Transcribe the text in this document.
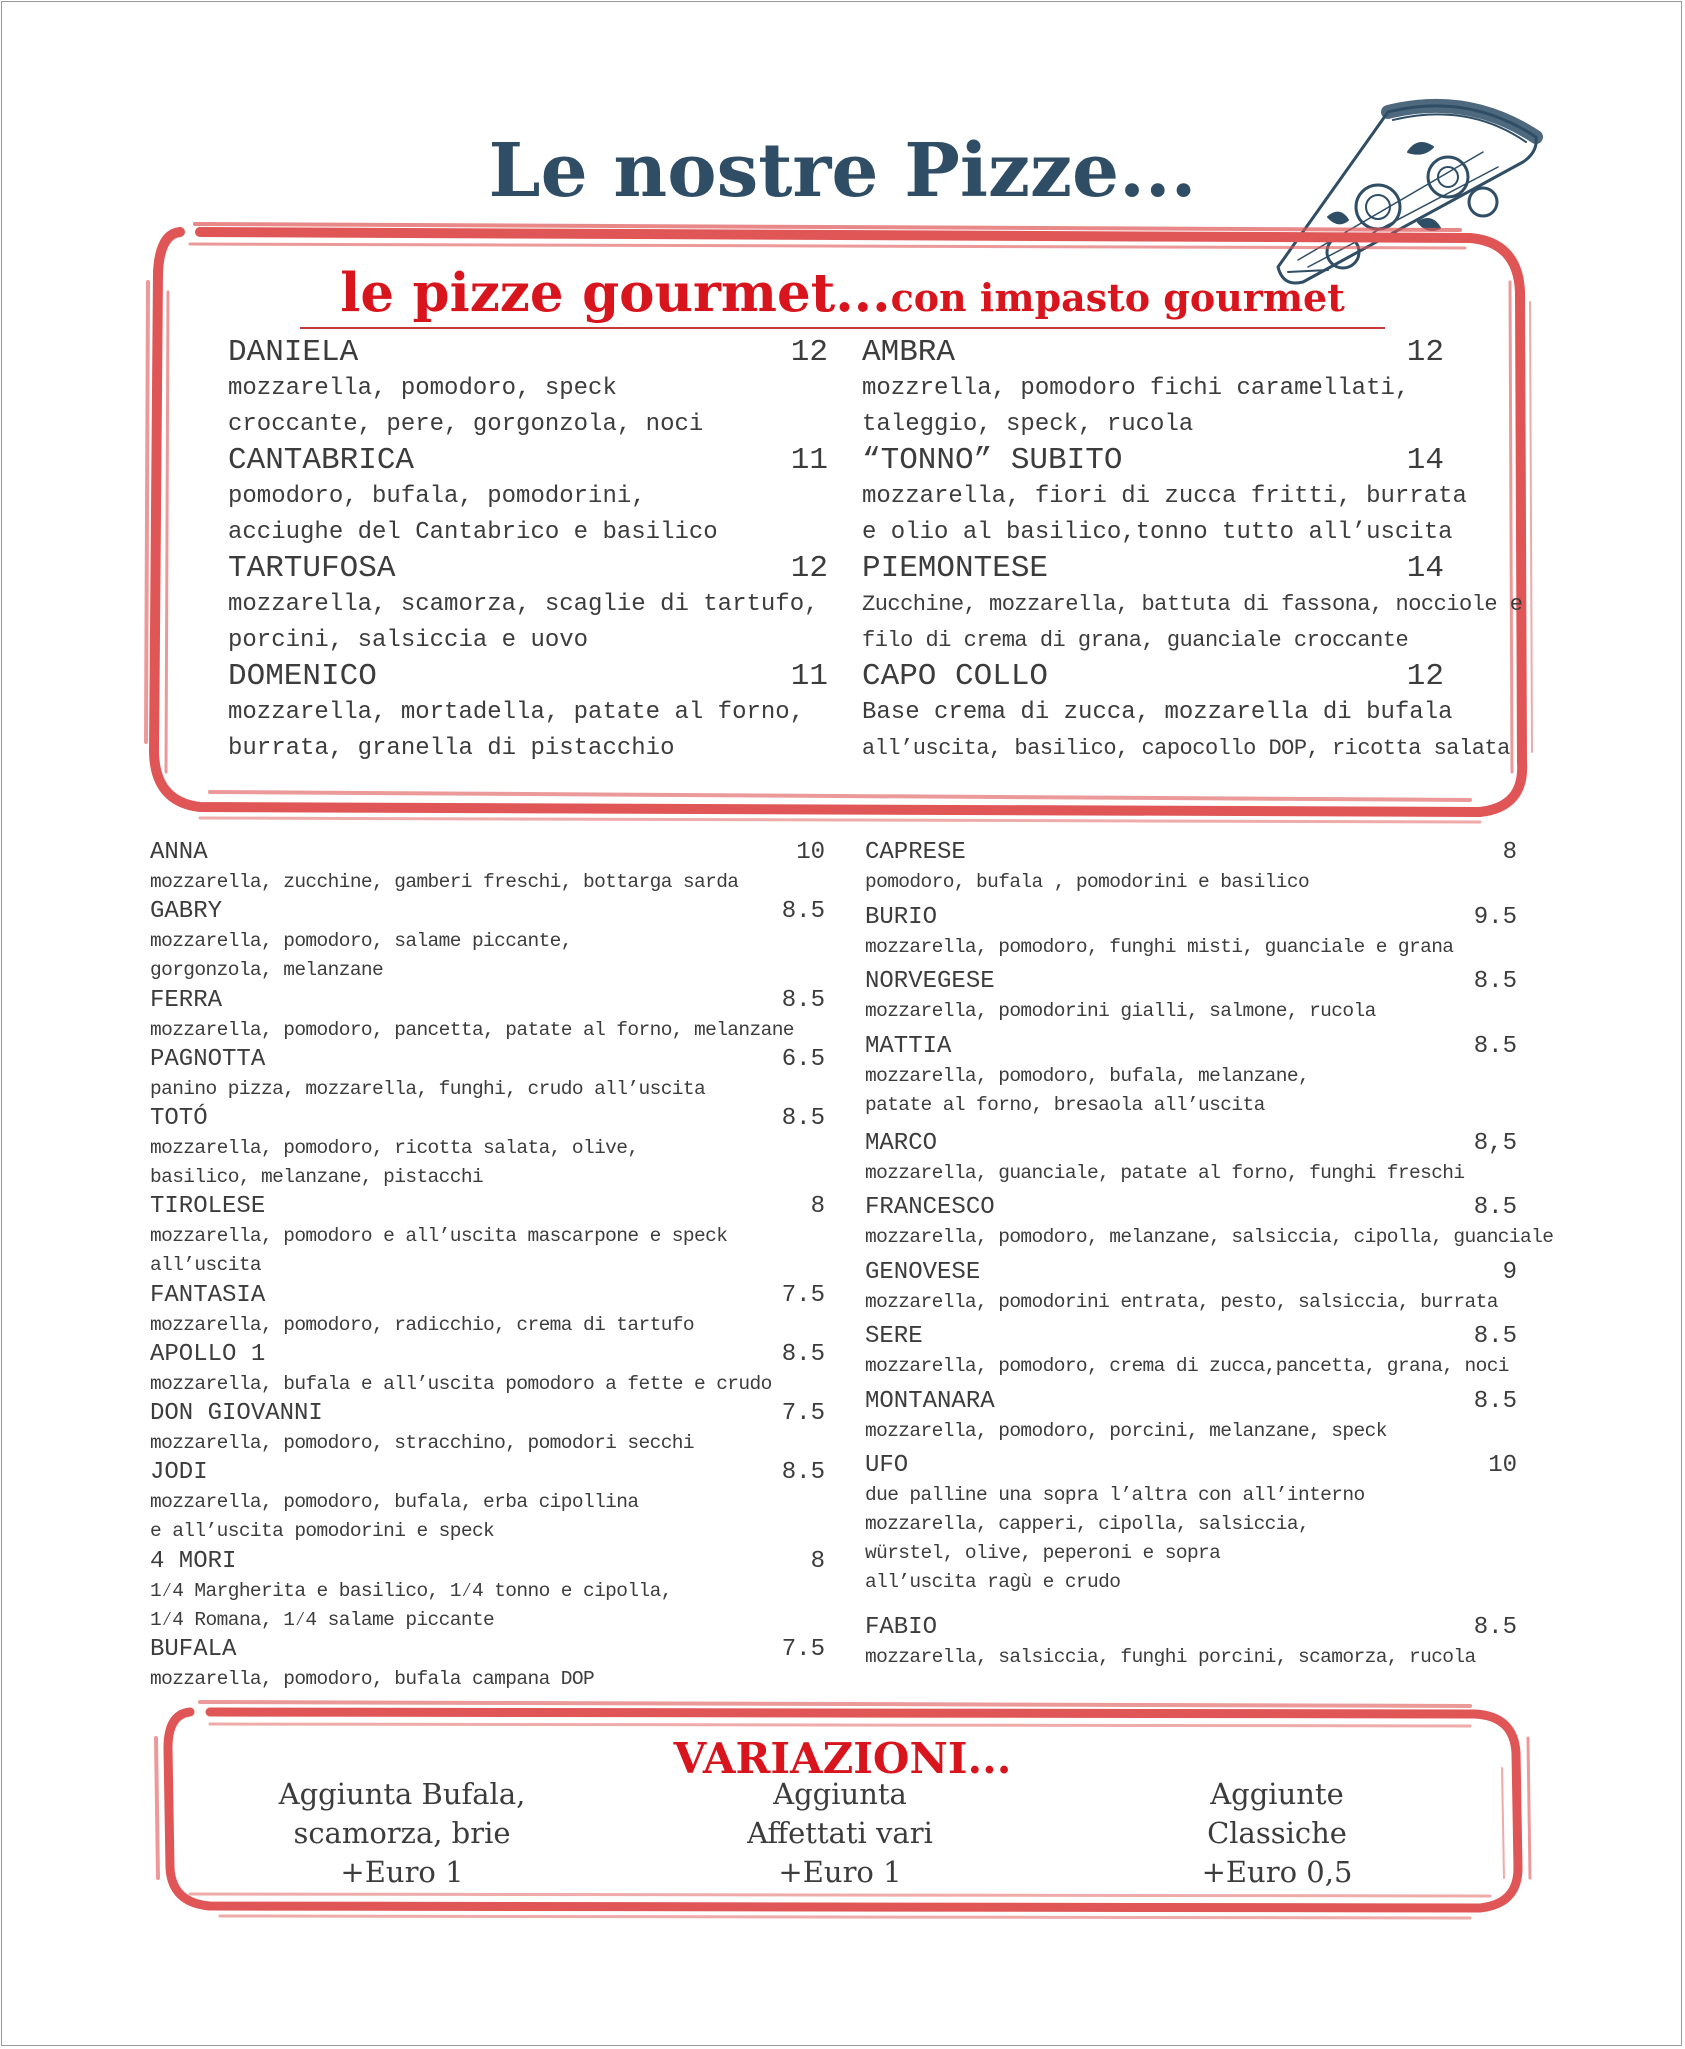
Le nostre Pizze...
le pizze gourmet...con impasto gourmet
DANIELA	12
mozzarella, pomodoro, speck
croccante, pere, gorgonzola, noci
CANTABRICA	11
pomodoro, bufala, pomodorini,
acciughe del Cantabrico e basilico
TARTUFOSA	12
mozzarella, scamorza, scaglie di tartufo,
porcini, salsiccia e uovo
DOMENICO	11
mozzarella, mortadella, patate al forno,
burrata, granella di pistacchio
AMBRA	12
mozzrella, pomodoro fichi caramellati,
taleggio, speck, rucola
“TONNO” SUBITO	14
mozzarella, fiori di zucca fritti, burrata
e olio al basilico,tonno tutto all’uscita
PIEMONTESE	14
Zucchine, mozzarella, battuta di fassona, nocciole e
filo di crema di grana, guanciale croccante
CAPO COLLO	12
Base crema di zucca, mozzarella di bufala
all’uscita, basilico, capocollo DOP, ricotta salata
ANNA	10
mozzarella, zucchine, gamberi freschi, bottarga sarda
GABRY	8.5
mozzarella, pomodoro, salame piccante,
gorgonzola, melanzane
FERRA	8.5
mozzarella, pomodoro, pancetta, patate al forno, melanzane
PAGNOTTA	6.5
panino pizza, mozzarella, funghi, crudo all’uscita
TOTÓ	8.5
mozzarella, pomodoro, ricotta salata, olive,
basilico, melanzane, pistacchi
TIROLESE	8
mozzarella, pomodoro e all’uscita mascarpone e speck
all’uscita
FANTASIA	7.5
mozzarella, pomodoro, radicchio, crema di tartufo
APOLLO 1	8.5
mozzarella, bufala e all’uscita pomodoro a fette e crudo
DON GIOVANNI	7.5
mozzarella, pomodoro, stracchino, pomodori secchi
JODI	8.5
mozzarella, pomodoro, bufala, erba cipollina
e all’uscita pomodorini e speck
4 MORI	8
1⁄4 Margherita e basilico, 1⁄4 tonno e cipolla,
1⁄4 Romana, 1⁄4 salame piccante
BUFALA	7.5
mozzarella, pomodoro, bufala campana DOP
CAPRESE	8
pomodoro, bufala , pomodorini e basilico
BURIO	9.5
mozzarella, pomodoro, funghi misti, guanciale e grana
NORVEGESE	8.5
mozzarella, pomodorini gialli, salmone, rucola
MATTIA	8.5
mozzarella, pomodoro, bufala, melanzane,
patate al forno, bresaola all’uscita
MARCO	8,5
mozzarella, guanciale, patate al forno, funghi freschi
FRANCESCO	8.5
mozzarella, pomodoro, melanzane, salsiccia, cipolla, guanciale
GENOVESE	9
mozzarella, pomodorini entrata, pesto, salsiccia, burrata
SERE	8.5
mozzarella, pomodoro, crema di zucca,pancetta, grana, noci
MONTANARA	8.5
mozzarella, pomodoro, porcini, melanzane, speck
UFO	10
due palline una sopra l’altra con all’interno
mozzarella, capperi, cipolla, salsiccia,
würstel, olive, peperoni e sopra
all’uscita ragù e crudo
FABIO	8.5
mozzarella, salsiccia, funghi porcini, scamorza, rucola
VARIAZIONI...
Aggiunta Bufala,
scamorza, brie
+Euro 1
Aggiunta
Affettati vari
+Euro 1
Aggiunte
Classiche
+Euro 0,5
